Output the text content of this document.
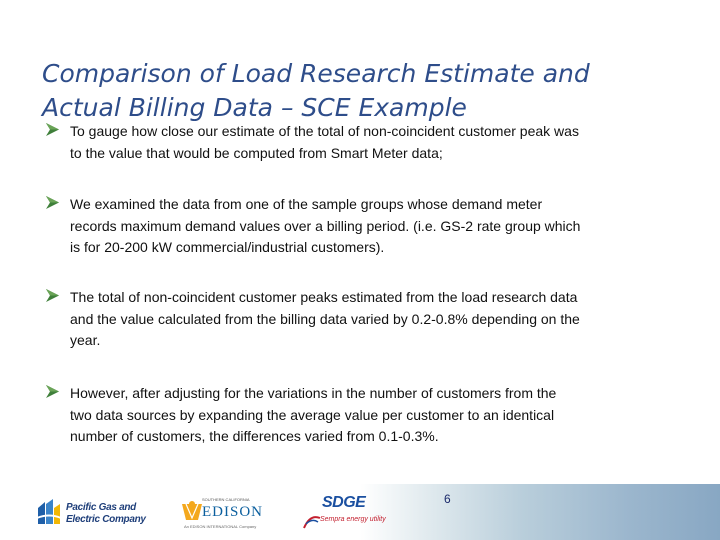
Comparison of Load Research Estimate and
Actual Billing Data – SCE Example
To gauge how close our estimate of the total of non-coincident customer peak was
to the value that would be computed from Smart Meter data;
We examined the data from one of the sample groups whose demand meter
records maximum demand values over a billing period. (i.e. GS-2 rate group which
is for 20-200 kW commercial/industrial customers).
The total of non-coincident customer peaks estimated from the load research data
and the value calculated from the billing data varied by 0.2-0.8% depending on the
year.
However, after adjusting for the variations in the number of customers from the
two data sources by expanding the average value per customer to an identical
number of customers, the differences varied from 0.1-0.3%.
6
Pacific Gas and
Electric Company
SOUTHERN CALIFORNIA
EDISON
An EDISON INTERNATIONAL Company
SDGE
Sempra energy utility
